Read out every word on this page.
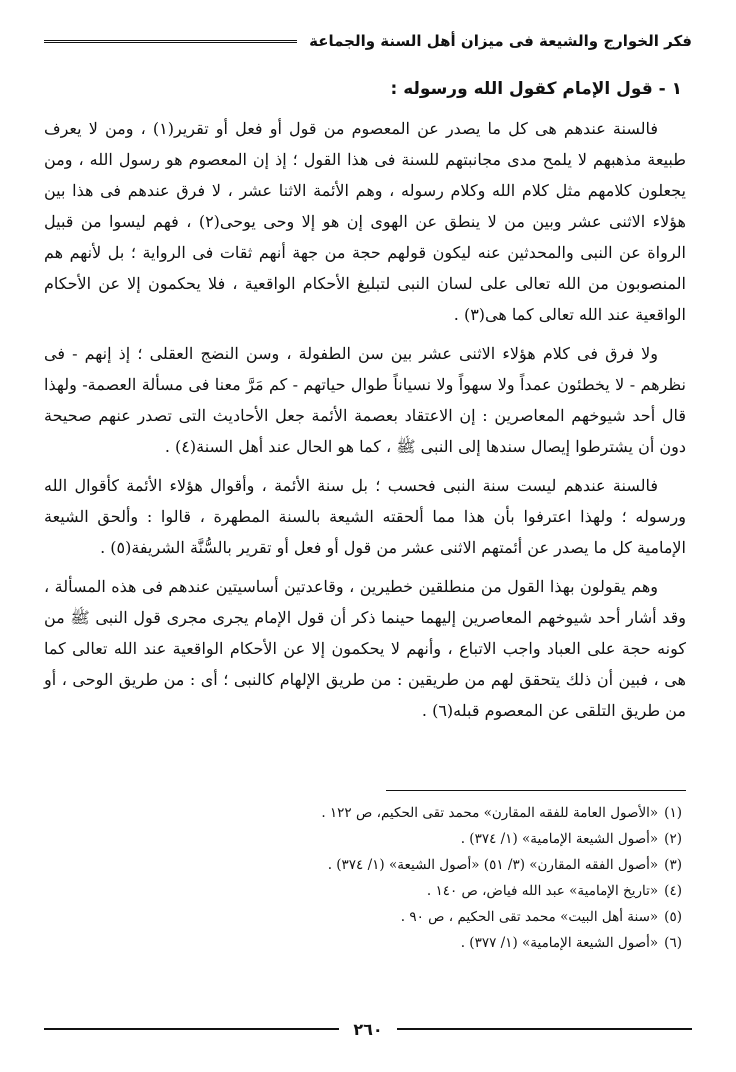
فكر الخوارج والشيعة فى ميزان أهل السنة والجماعة
١ - قول الإمام كقول الله ورسوله :

فالسنة عندهم هى كل ما يصدر عن المعصوم من قول أو فعل أو تقرير(١) ، ومن لا يعرف طبيعة مذهبهم لا يلمح مدى مجانبتهم للسنة فى هذا القول ؛ إذ إن المعصوم هو رسول الله ، ومن يجعلون كلامهم مثل كلام الله وكلام رسوله ، وهم الأئمة الاثنا عشر ، لا فرق عندهم فى هذا بين هؤلاء الاثنى عشر وبين من لا ينطق عن الهوى إن هو إلا وحى يوحى(٢) ، فهم ليسوا من قبيل الرواة عن النبى والمحدثين عنه ليكون قولهم حجة من جهة أنهم ثقات فى الرواية ؛ بل لأنهم هم المنصوبون من الله تعالى على لسان النبى لتبليغ الأحكام الواقعية ، فلا يحكمون إلا عن الأحكام الواقعية عند الله تعالى كما هى(٣) .

ولا فرق فى كلام هؤلاء الاثنى عشر بين سن الطفولة ، وسن النضج العقلى ؛ إذ إنهم - فى نظرهم - لا يخطئون عمداً ولا سهواً ولا نسياناً طوال حياتهم - كم مَرَّ معنا فى مسألة العصمة- ولهذا قال أحد شيوخهم المعاصرين : إن الاعتقاد بعصمة الأئمة جعل الأحاديث التى تصدر عنهم صحيحة دون أن يشترطوا إيصال سندها إلى النبى ﷺ ، كما هو الحال عند أهل السنة(٤) .

فالسنة عندهم ليست سنة النبى فحسب ؛ بل سنة الأئمة ، وأقوال هؤلاء الأئمة كأقوال الله ورسوله ؛ ولهذا اعترفوا بأن هذا مما ألحقته الشيعة بالسنة المطهرة ، قالوا : وألحق الشيعة الإمامية كل ما يصدر عن أئمتهم الاثنى عشر من قول أو فعل أو تقرير بالسُّنَّة الشريفة(٥) .

وهم يقولون بهذا القول من منطلقين خطيرين ، وقاعدتين أساسيتين عندهم فى هذه المسألة ، وقد أشار أحد شيوخهم المعاصرين إليهما حينما ذكر أن قول الإمام يجرى مجرى قول النبى ﷺ من كونه حجة على العباد واجب الاتباع ، وأنهم لا يحكمون إلا عن الأحكام الواقعية عند الله تعالى كما هى ، فبين أن ذلك يتحقق لهم من طريقين : من طريق الإلهام كالنبى ؛ أى : من طريق الوحى ، أو من طريق التلقى عن المعصوم قبله(٦) .

(١)«الأصول العامة للفقه المقارن» محمد تقى الحكيم، ص ١٢٢ .
(٢)«أصول الشيعة الإمامية» (١/ ٣٧٤) .
(٣)«أصول الفقه المقارن» (٣/ ٥١) «أصول الشيعة» (١/ ٣٧٤) .
(٤)«تاريخ الإمامية» عبد الله فياض، ص ١٤٠ .
(٥)«سنة أهل البيت» محمد تقى الحكيم ، ص ٩٠ .
(٦)«أصول الشيعة الإمامية» (١/ ٣٧٧) .
٢٦٠
